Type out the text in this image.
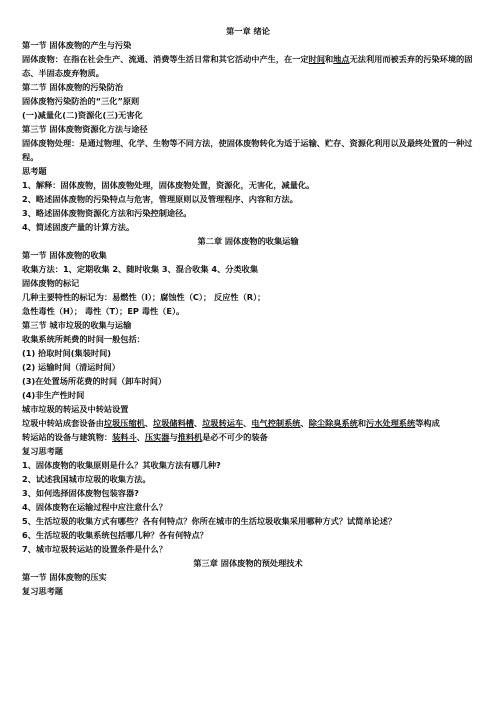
第一章 绪论
第一节 固体废物的产生与污染
固体废物：在指在社会生产、流通、消费等生活日常和其它活动中产生，在一定时间和地点无法利用而被丢弃的污染环境的固态、半固态废弃物质。
第二节 固体废物的污染防治
固体废物污染防治的“三化”原则
(一)减量化(二)资源化(三)无害化
第三节 固体废物资源化方法与途径
固体废物处理：是通过物理、化学、生物等不同方法，使固体废物转化为适于运输、贮存、资源化利用以及最终处置的一种过程。
思考题
1、解释：固体废物，固体废物处理，固体废物处置，资源化，无害化，减量化。
2、略述固体废物的污染特点与危害，管理原则以及管理程序、内容和方法。
3、略述固体废物资源化方法和污染控制途径。
4、简述固废产量的计算方法。
第二章 固体废物的收集运输
第一节 固体废物的收集
收集方法：1、定期收集 2、随时收集 3、混合收集 4、分类收集
固体废物的标记
几种主要特性的标记为：易燃性（I）；腐蚀性（C）； 反应性（R）；
急性毒性（H）； 毒性（T）；EP 毒性（E）。
第三节 城市垃圾的收集与运输
收集系统所耗费的时间一般包括：
(1) 拾取时间(集装时间)
(2) 运输时间（清运时间）
(3)在处置场所花费的时间（卸车时间）
(4)非生产性时间
城市垃圾的转运及中转站设置
垃圾中转站成套设备由垃圾压缩机、垃圾储料槽、垃圾转运车、电气控制系统、除尘除臭系统和污水处理系统等构成
转运站的设备与建筑物：装料斗、压实器与推料机是必不可少的装备
复习思考题
1、固体废物的收集原则是什么？其收集方法有哪几种?
2、试述我国城市垃圾的收集方法。
3、如何选择固体废物包装容器?
4、固体废物在运输过程中应注意什么？
5、生活垃圾的收集方式有哪些？各有何特点？你所在城市的生活垃圾收集采用哪种方式？试简单论述？
6、生活垃圾的收集系统包括哪几种？各有何特点？
7、城市垃圾转运站的设置条件是什么？
第三章 固体废物的预处理技术
第一节 固体废物的压实
复习思考题
